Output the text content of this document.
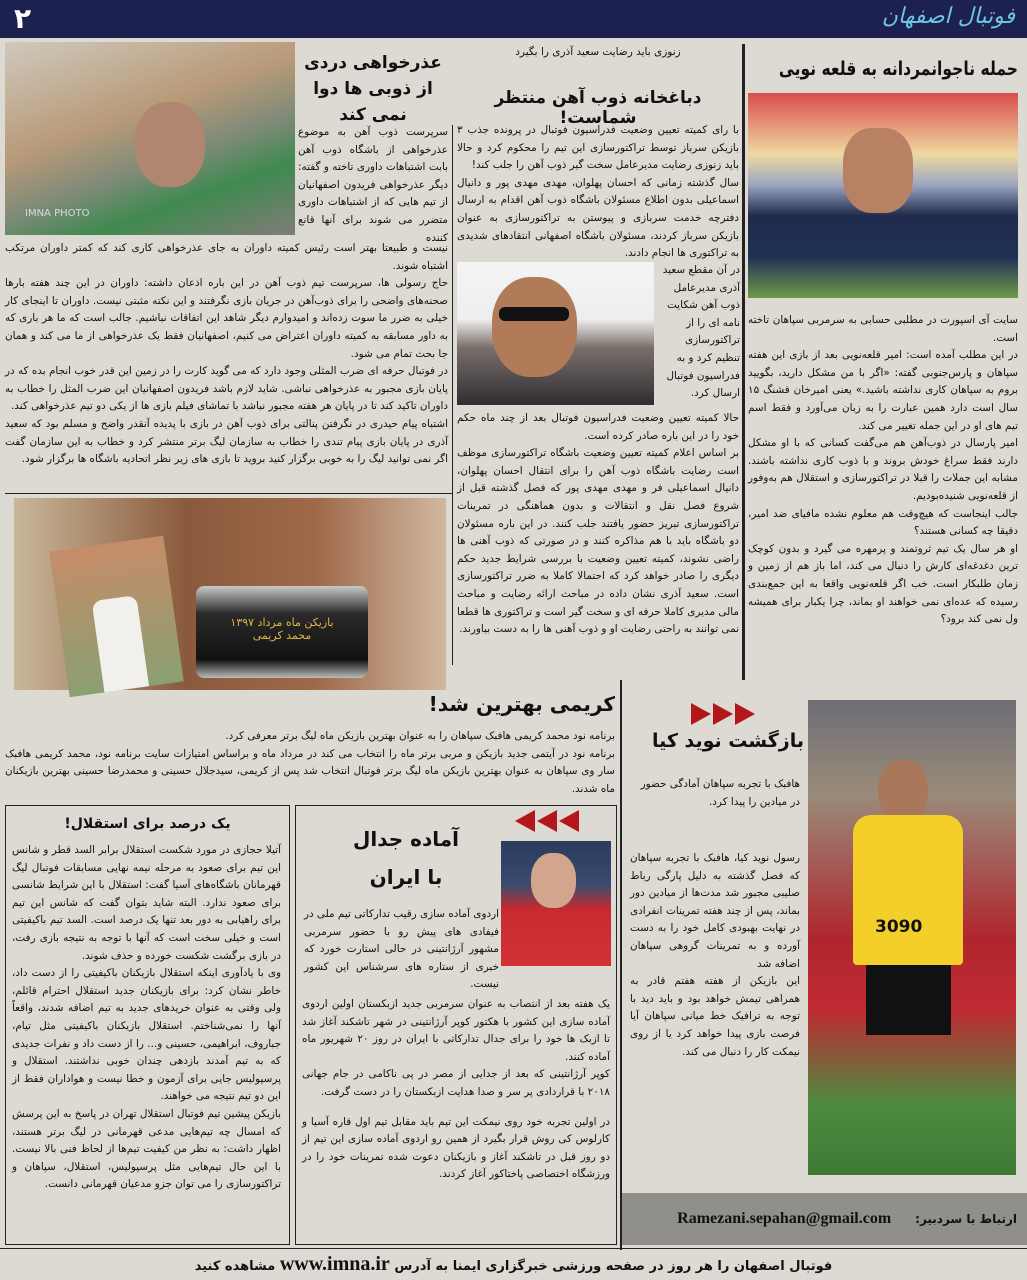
۲	فوتبال اصفهان
حمله ناجوانمردانه به قلعه نویی

سایت آی اسپورت در مطلبی حسابی به سرمربی سپاهان تاخته است.

در این مطلب آمده است: امیر قلعه‌نویی بعد از بازی این هفته سپاهان و پارس‌جنوبی گفته: «اگر با من مشکل دارید، بگویید بروم به سپاهان کاری نداشته باشید.» یعنی امیرخان قشنگ ۱۵ سال است دارد همین عبارت را به زبان می‌آورد و فقط اسم تیم های او در این جمله تغییر می کند.

امیر پارسال در ذوب‌آهن هم می‌گفت کسانی که با او مشکل دارند فقط سراغ خودش بروند و با ذوب کاری نداشته باشند. مشابه این جملات را قبلا در تراکتورسازی و استقلال هم به‌وفور از قلعه‌نویی شنیده‌بودیم.

جالب اینجاست که هیچ‌وقت هم معلوم نشده مافیای ضد امیر، دقیقا چه کسانی هستند؟

او هر سال یک تیم ثروتمند و پرمهره می گیرد و بدون کوچک ترین دغدغه‌ای کارش را دنبال می کند، اما باز هم از زمین و زمان طلبکار است. خب اگر قلعه‌نویی واقعا به این جمع‌بندی رسیده که عده‌ای نمی خواهند او بماند، چرا یکبار برای همیشه ول نمی کند برود؟

زنوزی باید رضایت سعید آذری را بگیرد
دباغخانه ذوب آهن منتظر شماست!

با رای کمیته تعیین وضعیت فدراسیون فوتبال در پرونده جذب ۳ بازیکن سرباز توسط تراکتورسازی این تیم را محکوم کرد و حالا باید زنوزی رضایت مدیرعامل سخت گیر ذوب آهن را جلب کند!

سال گذشته زمانی که احسان پهلوان، مهدی مهدی پور و دانیال اسماعیلی بدون اطلاع مسئولان باشگاه ذوب آهن اقدام به ارسال دفترچه خدمت سربازی و پیوستن به تراکتورسازی به عنوان بازیکن سرباز کردند، مسئولان باشگاه اصفهانی انتقادهای شدیدی به تراکتوری ها انجام دادند.

در آن مقطع سعید آذری مدیرعامل ذوب آهن شکایت نامه ای را از تراکتورسازی تنظیم کرد و به فدراسیون فوتبال ارسال کرد.

حالا کمیته تعیین وضعیت فدراسیون فوتبال بعد از چند ماه حکم خود را در این باره صادر کرده است.

بر اساس اعلام کمیته تعیین وضعیت باشگاه تراکتورسازی موظف است رضایت باشگاه ذوب آهن را برای انتقال احسان پهلوان، دانیال اسماعیلی فر و مهدی مهدی پور که فصل گذشته قبل از شروع فصل نقل و انتقالات و بدون هماهنگی در تمرینات تراکتورسازی تبریز حضور یافتند جلب کنند. در این باره مسئولان دو باشگاه باید با هم مذاکره کنند و در صورتی که ذوب آهنی ها راضی نشوند، کمیته تعیین وضعیت با بررسی شرایط جدید حکم دیگری را صادر خواهد کرد که احتمالا کاملا به ضرر تراکتورسازی است. سعید آذری نشان داده در مباحث ارائه رضایت و مباحث مالی مدیری کاملا حرفه ای و سخت گیر است و تراکتوری ها قطعا نمی توانند به راحتی رضایت او و ذوب آهنی ها را به دست بیاورند.

IMNA PHOTO
عذرخواهی دردی از ذوبی ها دوا نمی کند
سرپرست ذوب آهن به موضوع عذرخواهی از باشگاه ذوب آهن بابت اشتباهات داوری تاخته و گفته: دیگر عذرخواهی فریدون اصفهانیان از تیم هایی که از اشتباهات داوری متضرر می شوند برای آنها قانع کننده

نیست و طبیعتا بهتر است رئیس کمیته داوران به جای عذرخواهی کاری کند که کمتر داوران مرتکب اشتباه شوند.

حاج رسولی ها، سرپرست تیم ذوب آهن در این باره اذعان داشته: داوران در این چند هفته بارها صحنه‌های واضحی را برای ذوب‌آهن در جریان بازی نگرفتند و این نکته مثبتی نیست. داوران تا اینجای کار خیلی به ضرر ما سوت زده‌اند و امیدوارم دیگر شاهد این اتفاقات نباشیم. جالب است که ما هر باری که به داور مسابقه به کمیته داوران اعتراض می کنیم، اصفهانیان فقط یک عذرخواهی از ما می کند و همان جا بحث تمام می شود.

در فوتبال حرفه ای ضرب المثلی وجود دارد که می گوید کارت را در زمین این قدر خوب انجام بده که در پایان بازی مجبور به عذرخواهی نباشی. شاید لازم باشد فریدون اصفهانیان این ضرب المثل را خطاب به داوران تاکید کند تا در پایان هر هفته مجبور نباشد با تماشای فیلم بازی ها از یکی دو تیم عذرخواهی کند.

اشتباه پیام حیدری در نگرفتن پنالتی برای ذوب آهن در بازی با پدیده آنقدر واضح و مسلم بود که سعید آذری در پایان بازی پیام تندی را خطاب به سازمان لیگ برتر منتشر کرد و خطاب به این سازمان گفت اگر نمی توانید لیگ را به خوبی برگزار کنید بروید تا بازی های زیر نظر اتحادیه باشگاه ها برگزار شود.

بازیکن ماه مرداد ۱۳۹۷
محمد کریمی
کریمی بهترین شد!

برنامه نود محمد کریمی هافبک سپاهان را به عنوان بهترین بازیکن ماه لیگ برتر معرفی کرد.

برنامه نود در آیتمی جدید بازیکن و مربی برتر ماه را انتخاب می کند در مرداد ماه و براساس امتیازات سایت برنامه نود، محمد کریمی هافبک سار وی سپاهان به عنوان بهترین بازیکن ماه لیگ برتر فوتبال انتخاب شد پس از کریمی، سیدجلال حسینی و محمدرضا حسینی بهترین بازیکنان ماه شدند.

بازگشت نوید کیا
هافبک با تجربه سپاهان آمادگی حضور در میادین را پیدا کرد.

رسول نوید کیا، هافبک با تجربه سپاهان که فصل گذشته به دلیل پارگی رباط صلیبی مجبور شد مدت‌ها از میادین دور بماند، پس از چند هفته تمرینات انفرادی در نهایت بهبودی کامل خود را به دست آورده و به تمرینات گروهی سپاهان اضافه شد

این بازیکن از هفته هفتم قادر به همراهی تیمش خواهد بود و باید دید با توجه به ترافیک خط میانی سپاهان آیا فرصت بازی پیدا خواهد کرد یا از روی نیمکت کار را دنبال می کند.

3090
یک درصد برای استقلال!

آتیلا حجازی در مورد شکست استقلال برابر السد قطر و شانس این تیم برای صعود به مرحله نیمه نهایی مسابقات فوتبال لیگ قهرمانان باشگاه‌های آسیا گفت: استقلال با این شرایط شانسی برای صعود ندارد. البته شاید بتوان گفت که شانس این تیم برای راهیابی به دور بعد تنها یک درصد است. السد تیم باکیفیتی است و خیلی سخت است که آنها با توجه به نتیجه بازی رفت، در بازی برگشت شکست خورده و حذف شوند.

وی با یادآوری اینکه استقلال بازیکنان باکیفیتی را از دست داد، خاطر نشان کرد: برای بازیکنان جدید استقلال احترام قائلم، ولی وقتی به عنوان خریدهای جدید به تیم اضافه شدند، واقعاً آنها را نمی‌شناختم. استقلال بازیکنان باکیفیتی مثل تیام، جباروف، ابراهیمی، حسینی و... را از دست داد و نفرات جدیدی که به تیم آمدند بازدهی چندان خوبی نداشتند. استقلال و پرسپولیس جایی برای آزمون و خطا نیست و هواداران فقط از این دو تیم نتیجه می خواهند.

بازیکن پیشین تیم فوتبال استقلال تهران در پاسخ به این پرسش که امسال چه تیم‌هایی مدعی قهرمانی در لیگ برتر هستند، اظهار داشت: به نظر من کیفیت تیم‌ها از لحاظ فنی بالا نیست. با این حال تیم‌هایی مثل پرسپولیس، استقلال، سپاهان و تراکتورسازی را می توان جزو مدعیان قهرمانی دانست.

آماده جدال
با ایران
اردوی آماده سازی رقیب تدارکاتی تیم ملی در فیفادی های پیش رو با حضور سرمربی مشهور آرژانتینی در حالی استارت خورد که خبری از ستاره های سرشناس این کشور نیست.

یک هفته بعد از انتصاب به عنوان سرمربی جدید ازبکستان اولین اردوی آماده سازی این کشور با هکتور کوپر آرژانتینی در شهر تاشکند آغاز شد تا ازبک ها خود را برای جدال تدارکاتی با ایران در روز ۲۰ شهریور ماه آماده کنند.

کوپر آرژانتینی که بعد از جدایی از مصر در پی ناکامی در جام جهانی ۲۰۱۸ با قراردادی پر سر و صدا هدایت ازبکستان را در دست گرفت.

در اولین تجربه خود روی نیمکت این تیم باید مقابل تیم اول قاره آسیا و کارلوس کی روش قرار بگیرد از همین رو اردوی آماده سازی این تیم از دو روز قبل در تاشکند آغاز و بازیکنان دعوت شده تمرینات خود را در ورزشگاه اختصاصی پاختاکور آغاز کردند.

ارتباط با سردبیر:
Ramezani.sepahan@gmail.com
فوتبال اصفهان را هر روز در صفحه ورزشی خبرگزاری ایمنا به آدرس www.imna.ir مشاهده کنید
